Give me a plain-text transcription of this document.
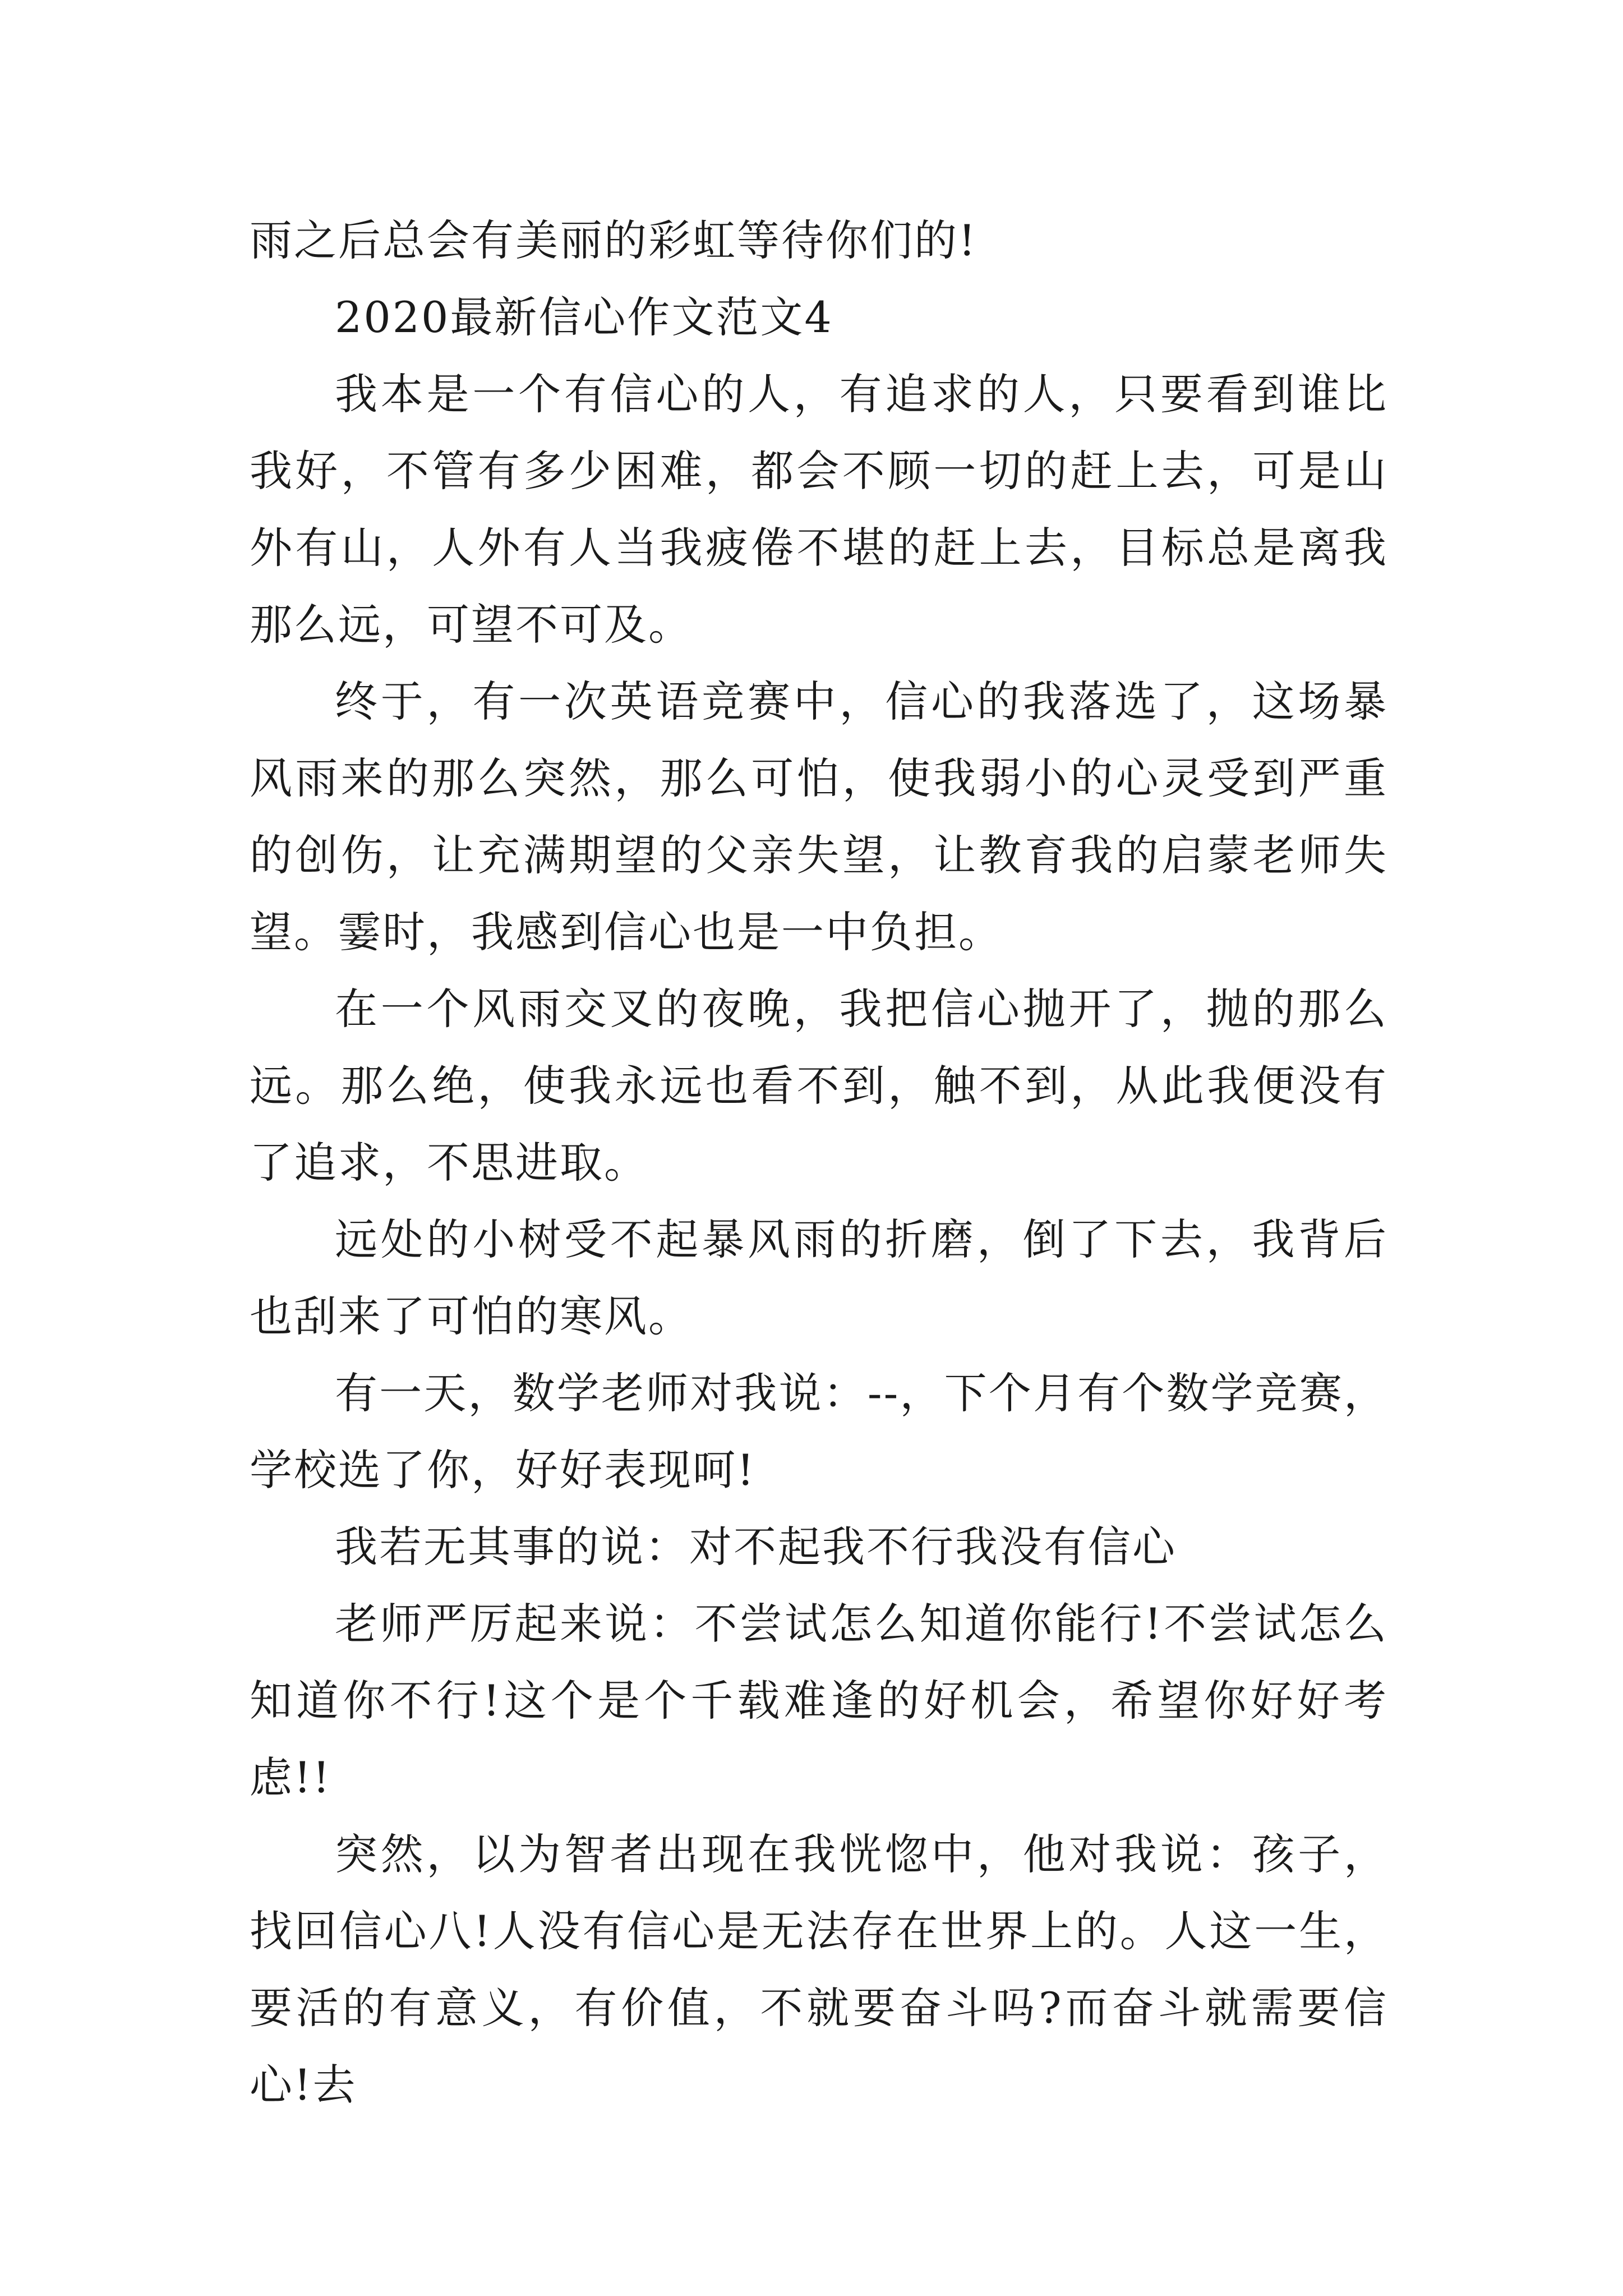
雨之后总会有美丽的彩虹等待你们的!

2020最新信心作文范文4

我本是一个有信心的人，有追求的人，只要看到谁比我好，不管有多少困难，都会不顾一切的赶上去，可是山外有山，人外有人当我疲倦不堪的赶上去，目标总是离我那么远，可望不可及。

终于，有一次英语竞赛中，信心的我落选了，这场暴风雨来的那么突然，那么可怕，使我弱小的心灵受到严重的创伤，让充满期望的父亲失望，让教育我的启蒙老师失望。霎时，我感到信心也是一中负担。

在一个风雨交叉的夜晚，我把信心抛开了，抛的那么远。那么绝，使我永远也看不到，触不到，从此我便没有了追求，不思进取。

远处的小树受不起暴风雨的折磨，倒了下去，我背后也刮来了可怕的寒风。

有一天，数学老师对我说：--，下个月有个数学竞赛，学校选了你，好好表现呵!

我若无其事的说：对不起我不行我没有信心

老师严厉起来说：不尝试怎么知道你能行!不尝试怎么知道你不行!这个是个千载难逢的好机会，希望你好好考虑!!

突然，以为智者出现在我恍惚中，他对我说：孩子，找回信心八!人没有信心是无法存在世界上的。人这一生，要活的有意义，有价值，不就要奋斗吗?而奋斗就需要信心!去
